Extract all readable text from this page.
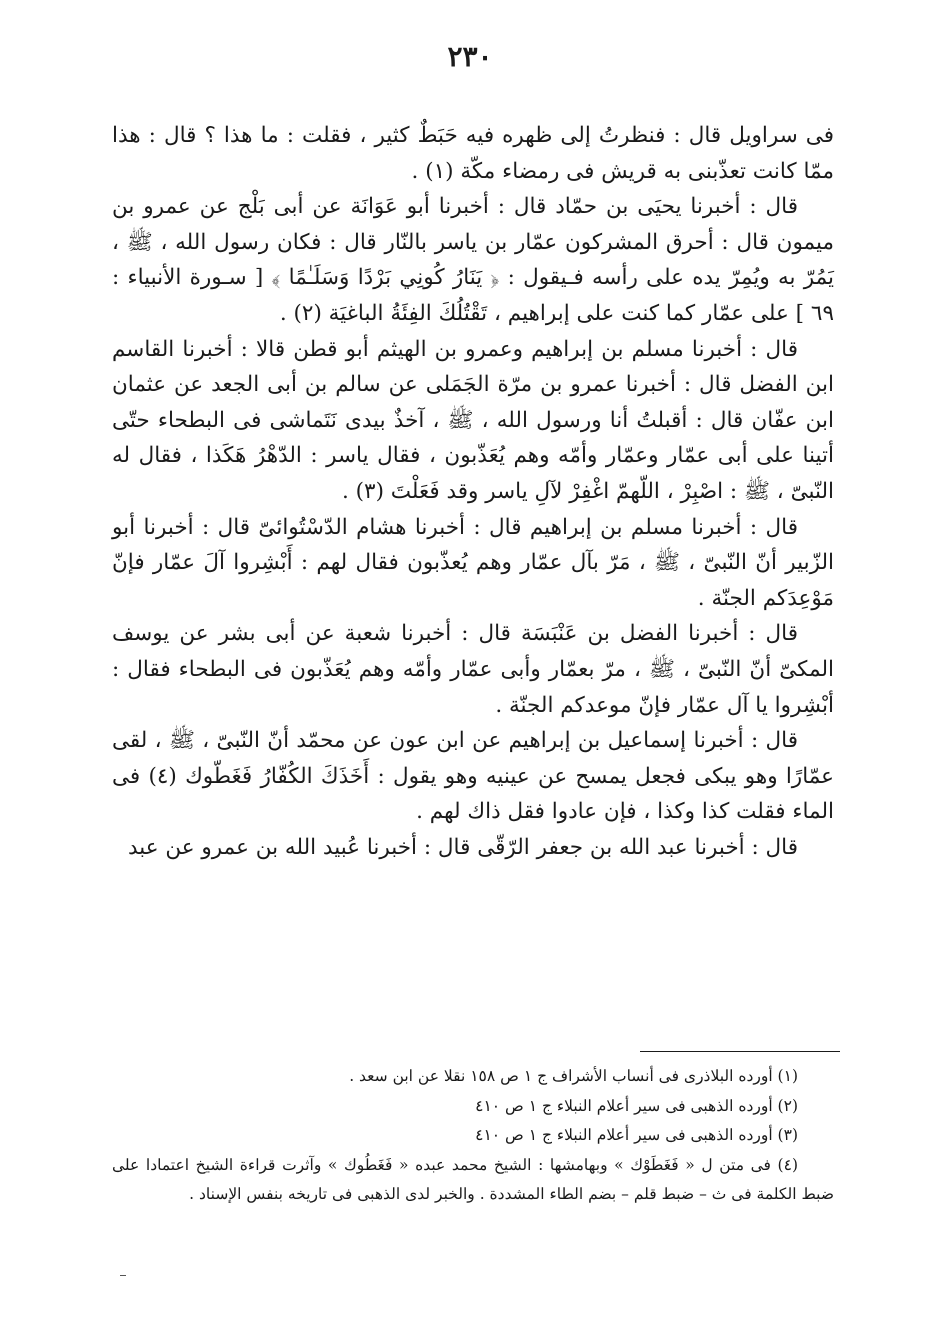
٢٣٠

فى سراويل قال : فنظرتُ إلى ظهره فيه حَبَطٌ كثير ، فقلت : ما هذا ؟ قال : هذا ممّا كانت تعذّبنى به قريش فى رمضاء مكّة (١) .

قال : أخبرنا يحيَى بن حمّاد قال : أخبرنا أبو عَوَانَة عن أبى بَلْج عن عمرو بن ميمون قال : أحرق المشركون عمّار بن ياسر بالنّار قال : فكان رسول الله ، ﷺ ، يَمُرّ به ويُمِرّ يده على رأسه فـيقول : ﴿ يَنَارُ كُونِي بَرْدًا وَسَلَـٰمًا ﴾ [ سـورة الأنبياء : ٦٩ ] على عمّار كما كنت على إبراهيم ، تَقْتُلُكَ الفِئَةُ الباغيَة (٢) .

قال : أخبرنا مسلم بن إبراهيم وعمرو بن الهيثم أبو قطن قالا : أخبرنا القاسم ابن الفضل قال : أخبرنا عمرو بن مرّة الجَمَلى عن سالم بن أبى الجعد عن عثمان ابن عفّان قال : أقبلتُ أنا ورسول الله ، ﷺ ، آخذٌ بيدى نَتَماشى فى البطحاء حتّى أتينا على أبى عمّار وعمّار وأمّه وهم يُعَذّبون ، فقال ياسر : الدّهْرُ هَكَذا ، فقال له النّبىّ ، ﷺ : اصْبِرْ ، اللّهمّ اغْفِرْ لآلِ ياسر وقد فَعَلْتَ (٣) .

قال : أخبرنا مسلم بن إبراهيم قال : أخبرنا هشام الدّسْتُوائىّ قال : أخبرنا أبو الزّبير أنّ النّبىّ ، ﷺ ، مَرّ بآل عمّار وهم يُعذّبون فقال لهم : أَبْشِروا آلَ عمّار فإنّ مَوْعِدَكم الجنّة .

قال : أخبرنا الفضل بن عَنْبَسَة قال : أخبرنا شعبة عن أبى بشر عن يوسف المكىّ أنّ النّبىّ ، ﷺ ، مرّ بعمّار وأبى عمّار وأمّه وهم يُعَذّبون فى البطحاء فقال : أبْشِروا يا آل عمّار فإنّ موعدكم الجنّة .

قال : أخبرنا إسماعيل بن إبراهيم عن ابن عون عن محمّد أنّ النّبىّ ، ﷺ ، لقى عمّارًا وهو يبكى فجعل يمسح عن عينيه وهو يقول : أَخَذَكَ الكُفّارُ فَغَطّوك (٤) فى الماء فقلت كذا وكذا ، فإن عادوا فقل ذاك لهم .

قال : أخبرنا عبد الله بن جعفر الرّقّى قال : أخبرنا عُبيد الله بن عمرو عن عبد

(١) أورده البلاذرى فى أنساب الأشراف ج ١ ص ١٥٨ نقلا عن ابن سعد .

(٢) أورده الذهبى فى سير أعلام النبلاء ج ١ ص ٤١٠

(٣) أورده الذهبى فى سير أعلام النبلاء ج ١ ص ٤١٠

(٤) فى متن ل « فَغَطَوْك » وبهامشها : الشيخ محمد عبده « فَغَطُوك » وآثرت قراءة الشيخ اعتمادا على ضبط الكلمة فى ث – ضبط قلم – بضم الطاء المشددة . والخبر لدى الذهبى فى تاريخه بنفس الإسناد .
